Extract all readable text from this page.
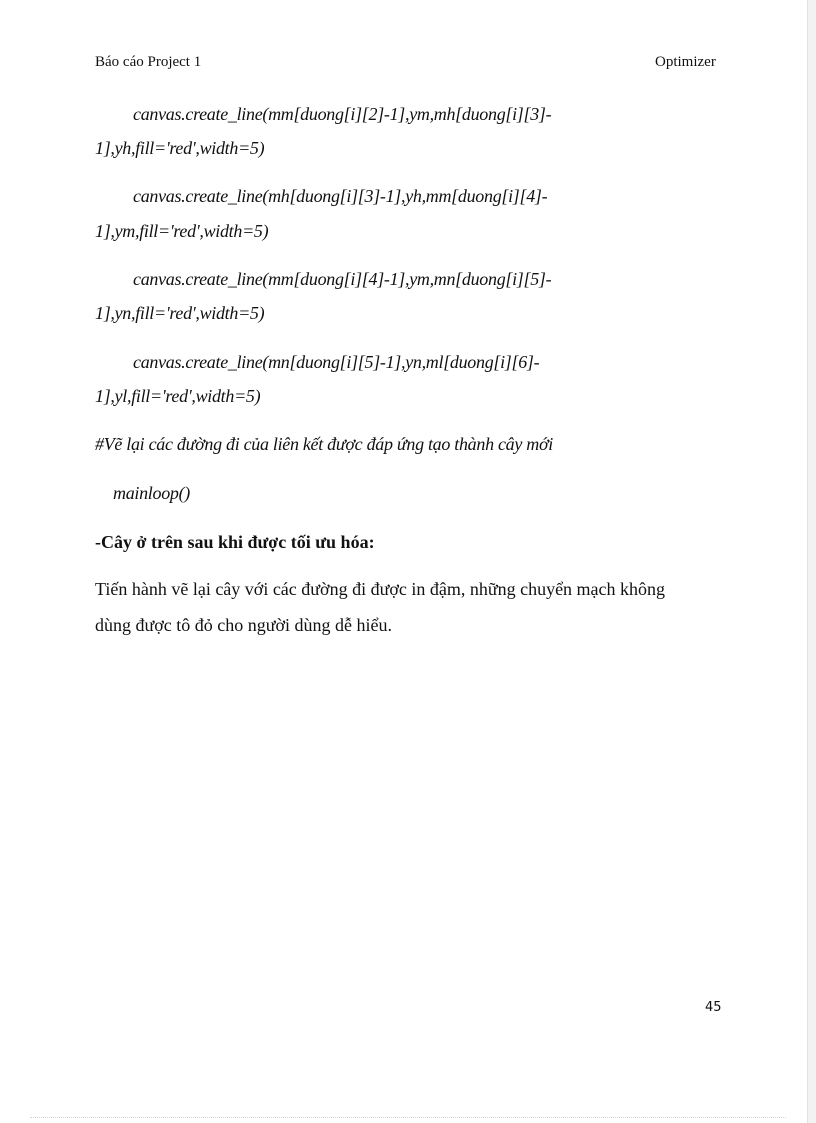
Báo cáo Project 1	Optimizer
canvas.create_line(mm[duong[i][2]-1],ym,mh[duong[i][3]-
1],yh,fill='red',width=5)
canvas.create_line(mh[duong[i][3]-1],yh,mm[duong[i][4]-
1],ym,fill='red',width=5)
canvas.create_line(mm[duong[i][4]-1],ym,mn[duong[i][5]-
1],yn,fill='red',width=5)
canvas.create_line(mn[duong[i][5]-1],yn,ml[duong[i][6]-
1],yl,fill='red',width=5)
#Vẽ lại các đường đi của liên kết được đáp ứng tạo thành cây mới
mainloop()
-Cây ở trên sau khi được tối ưu hóa:
Tiến hành vẽ lại cây với các đường đi được in đậm, những chuyển mạch không
dùng được tô đỏ cho người dùng dễ hiểu.
45
